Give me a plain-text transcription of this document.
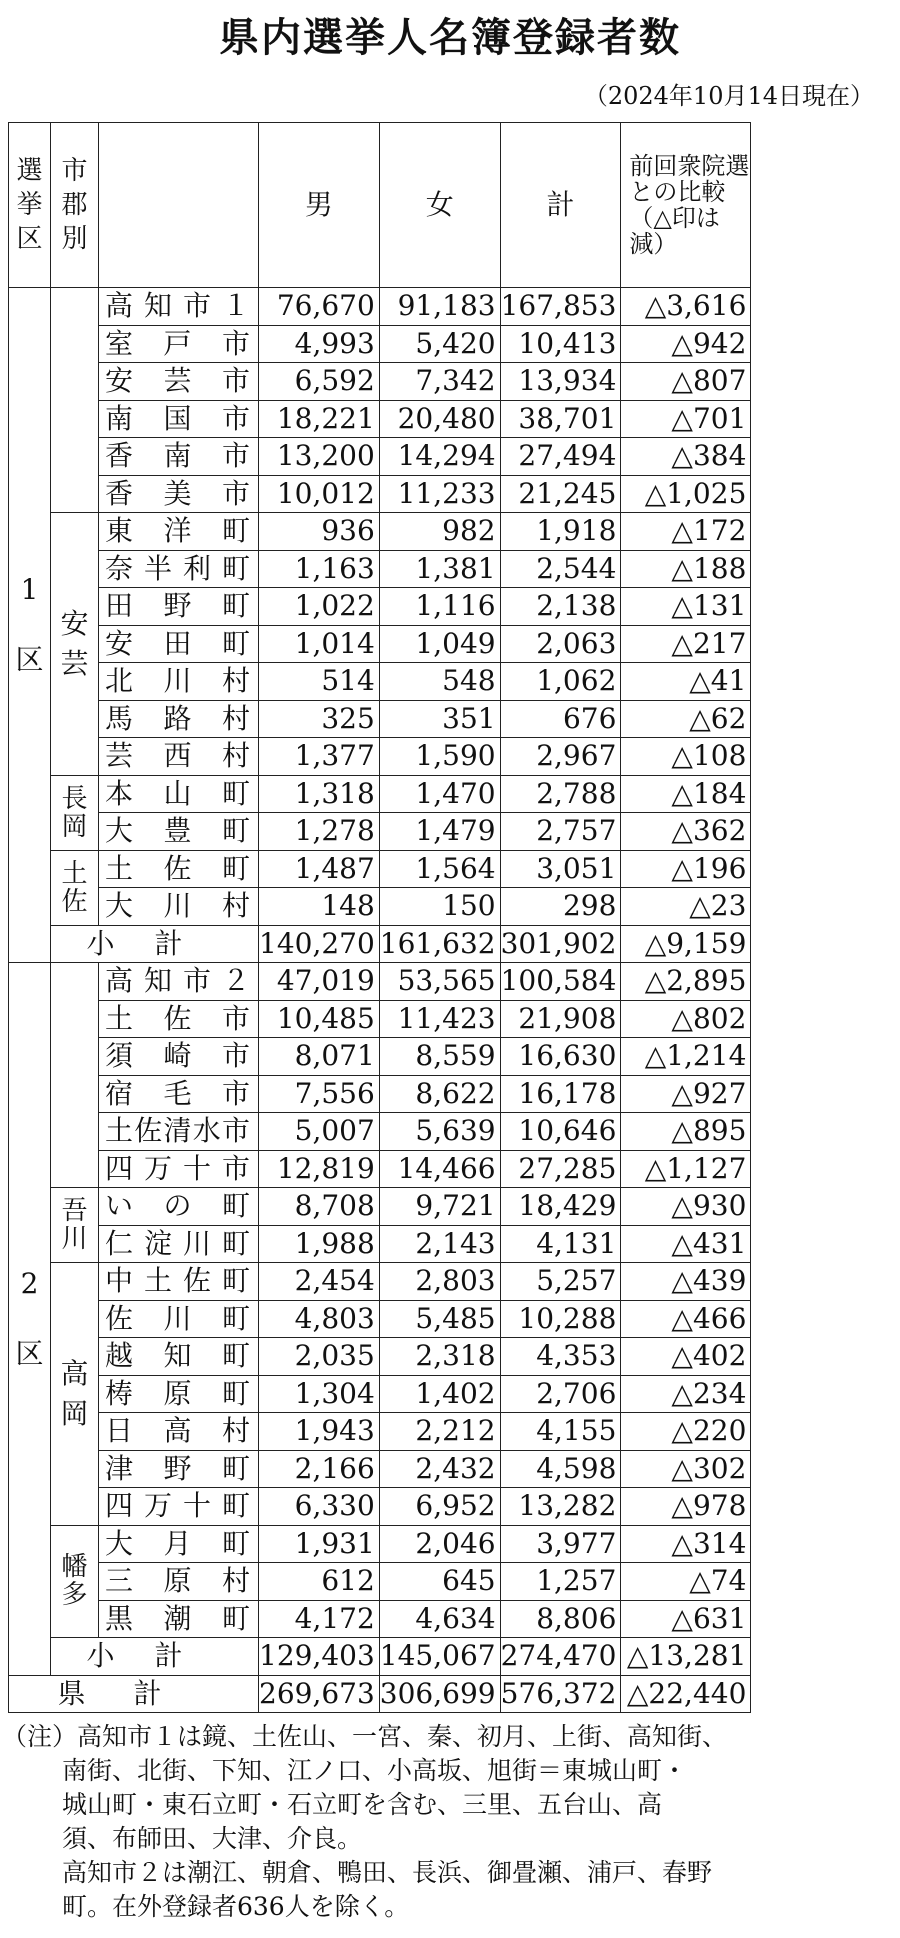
県内選挙人名簿登録者数
（2024年10月14日現在）
選挙区	市郡別		男	女	計	前回衆院選との比較（△印は減）

1
区		高知市１	76,670	91,183	167,853	△3,616
		室戸市	4,993	5,420	10,413	△942
		安芸市	6,592	7,342	13,934	△807
		南国市	18,221	20,480	38,701	△701
		香南市	13,200	14,294	27,494	△384
		香美市	10,012	11,233	21,245	△1,025

	安芸	東洋町	936	982	1,918	△172
		奈半利町	1,163	1,381	2,544	△188
		田野町	1,022	1,116	2,138	△131
		安田町	1,014	1,049	2,063	△217
		北川村	514	548	1,062	△41
		馬路村	325	351	676	△62
		芸西村	1,377	1,590	2,967	△108

	長岡	本山町	1,318	1,470	2,788	△184
		大豊町	1,278	1,479	2,757	△362

	土佐	土佐町	1,487	1,564	3,051	△196
		大川村	148	150	298	△23
	小計		140,270	161,632	301,902	△9,159

2
区		高知市２	47,019	53,565	100,584	△2,895
		土佐市	10,485	11,423	21,908	△802
		須崎市	8,071	8,559	16,630	△1,214
		宿毛市	7,556	8,622	16,178	△927
		土佐清水市	5,007	5,639	10,646	△895
		四万十市	12,819	14,466	27,285	△1,127

	吾川	いの町	8,708	9,721	18,429	△930
		仁淀川町	1,988	2,143	4,131	△431

	高岡	中土佐町	2,454	2,803	5,257	△439
		佐川町	4,803	5,485	10,288	△466
		越知町	2,035	2,318	4,353	△402
		梼原町	1,304	1,402	2,706	△234
		日高村	1,943	2,212	4,155	△220
		津野町	2,166	2,432	4,598	△302
		四万十町	6,330	6,952	13,282	△978

	幡多	大月町	1,931	2,046	3,977	△314
		三原村	612	645	1,257	△74
		黒潮町	4,172	4,634	8,806	△631
	小計		129,403	145,067	274,470	△13,281
県計			269,673	306,699	576,372	△22,440

（注）高知市１は鏡、土佐山、一宮、秦、初月、上街、高知街、

南街、北街、下知、江ノ口、小高坂、旭街＝東城山町・

城山町・東石立町・石立町を含む、三里、五台山、高

須、布師田、大津、介良。

高知市２は潮江、朝倉、鴨田、長浜、御畳瀬、浦戸、春野

町。在外登録者636人を除く。
